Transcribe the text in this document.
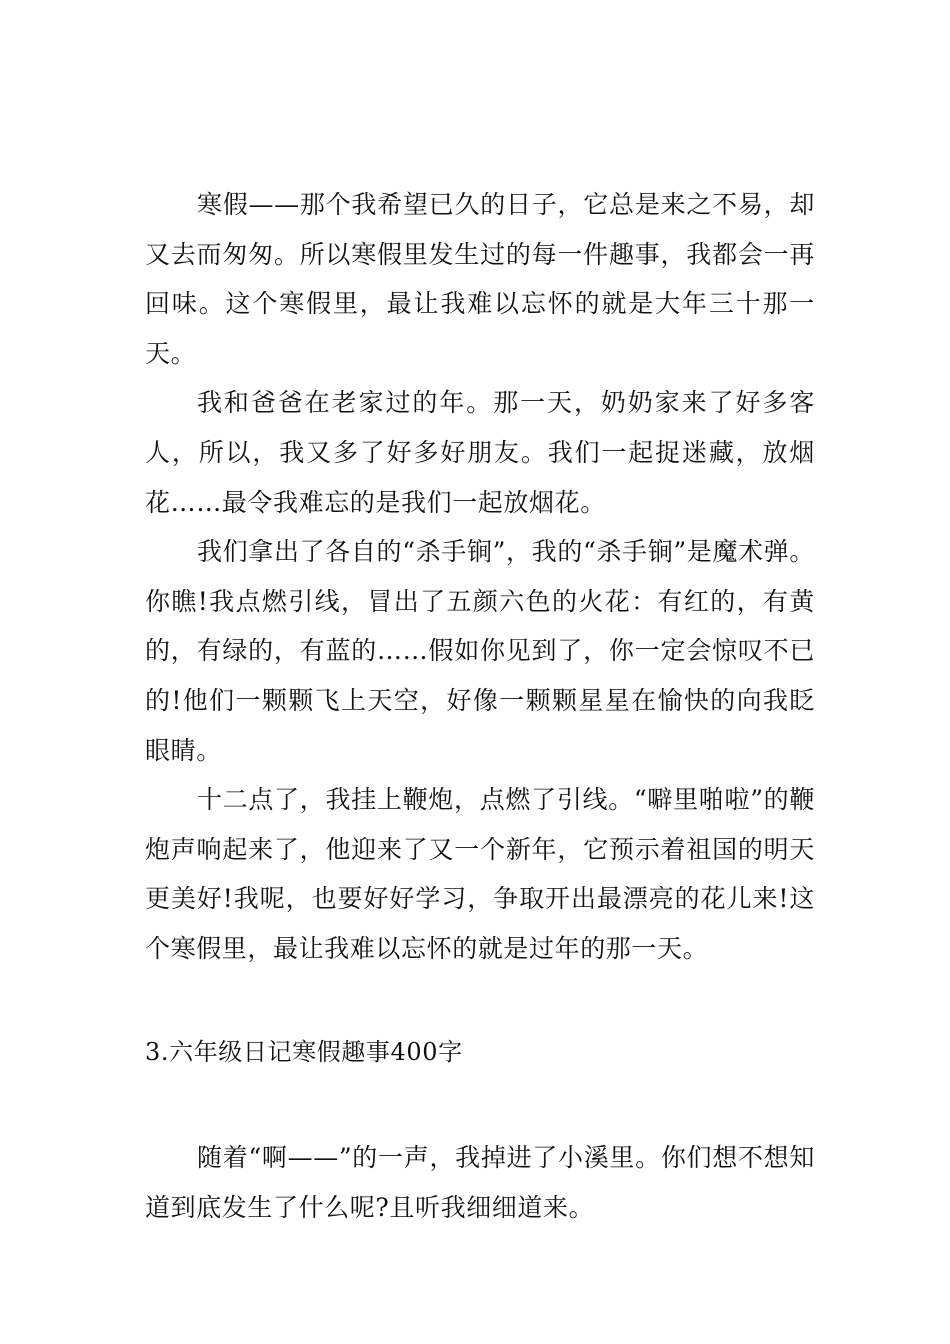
寒假——那个我希望已久的日子，它总是来之不易，却又去而匆匆。所以寒假里发生过的每一件趣事，我都会一再回味。这个寒假里，最让我难以忘怀的就是大年三十那一天。

我和爸爸在老家过的年。那一天，奶奶家来了好多客人，所以，我又多了好多好朋友。我们一起捉迷藏，放烟花……最令我难忘的是我们一起放烟花。

我们拿出了各自的“杀手锏”，我的“杀手锏”是魔术弹。你瞧!我点燃引线，冒出了五颜六色的火花：有红的，有黄的，有绿的，有蓝的……假如你见到了，你一定会惊叹不已的!他们一颗颗飞上天空，好像一颗颗星星在愉快的向我眨眼睛。

十二点了，我挂上鞭炮，点燃了引线。“噼里啪啦”的鞭炮声响起来了，他迎来了又一个新年，它预示着祖国的明天更美好!我呢，也要好好学习，争取开出最漂亮的花儿来!这个寒假里，最让我难以忘怀的就是过年的那一天。

3.六年级日记寒假趣事400字

随着“啊——”的一声，我掉进了小溪里。你们想不想知道到底发生了什么呢?且听我细细道来。
